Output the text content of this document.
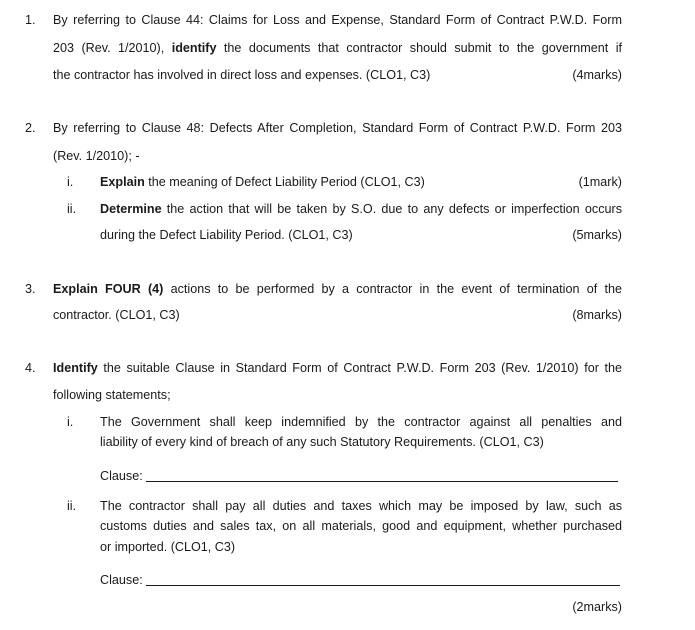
1. By referring to Clause 44: Claims for Loss and Expense, Standard Form of Contract P.W.D. Form
203 (Rev. 1/2010), identify the documents that contractor should submit to the government if
the contractor has involved in direct loss and expenses. (CLO1, C3)	(4marks)
2. By referring to Clause 48: Defects After Completion, Standard Form of Contract P.W.D. Form 203
(Rev. 1/2010); -
i. Explain the meaning of Defect Liability Period (CLO1, C3)	(1mark)
ii. Determine the action that will be taken by S.O. due to any defects or imperfection occurs
during the Defect Liability Period. (CLO1, C3)	(5marks)
3. Explain FOUR (4) actions to be performed by a contractor in the event of termination of the
contractor. (CLO1, C3)	(8marks)
4. Identify the suitable Clause in Standard Form of Contract P.W.D. Form 203 (Rev. 1/2010) for the
following statements;
i. The Government shall keep indemnified by the contractor against all penalties and
liability of every kind of breach of any such Statutory Requirements. (CLO1, C3)
Clause:
ii. The contractor shall pay all duties and taxes which may be imposed by law, such as
customs duties and sales tax, on all materials, good and equipment, whether purchased
or imported. (CLO1, C3)
Clause:
(2marks)
